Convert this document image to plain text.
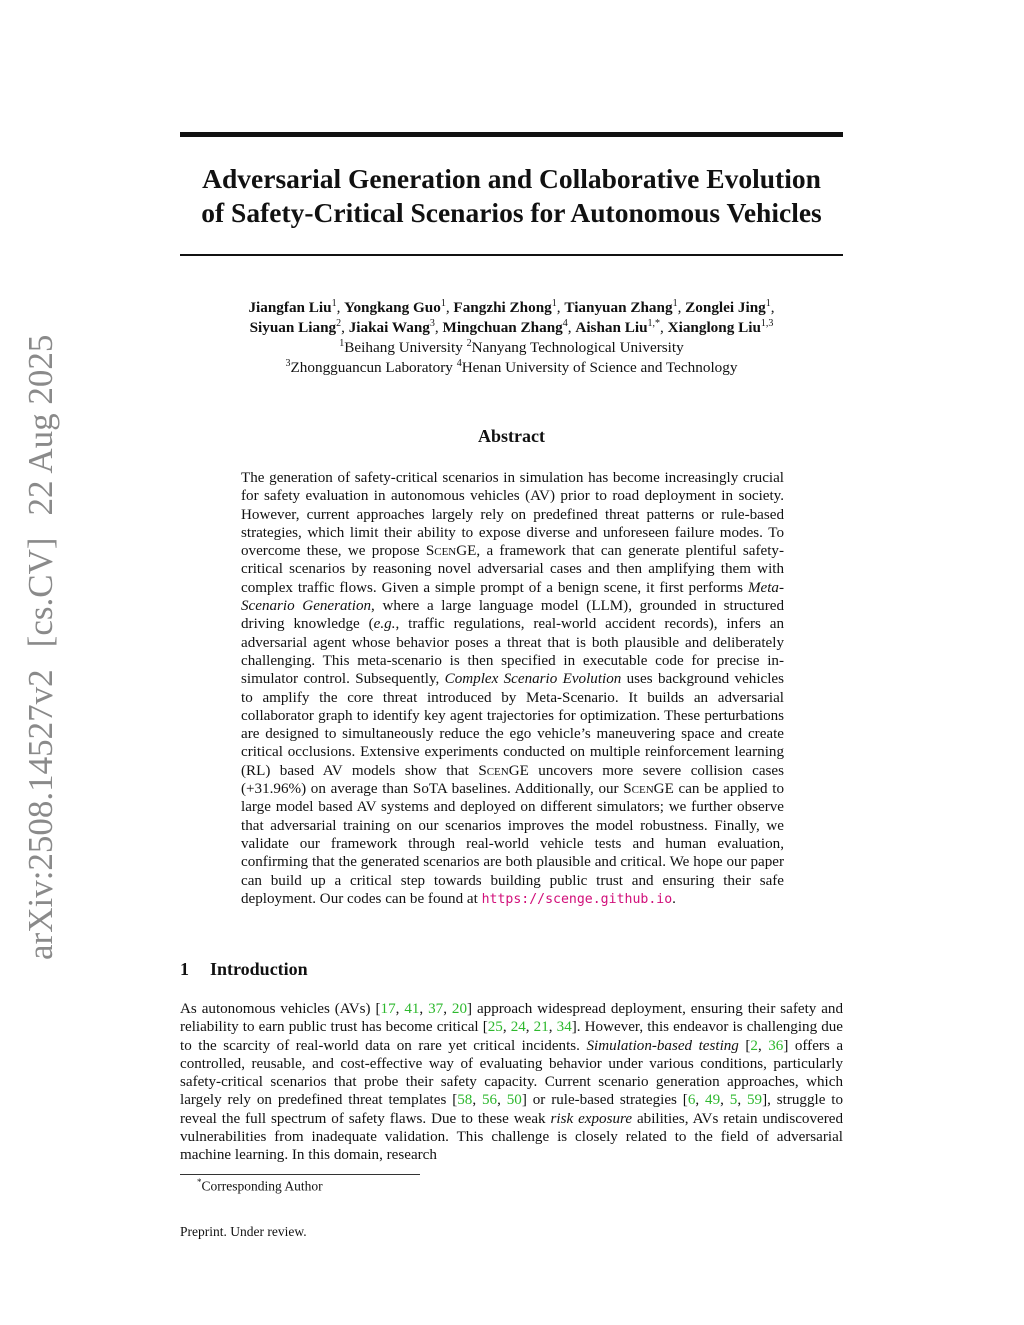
arXiv:2508.14527v2[cs.CV]22 Aug 2025
Adversarial Generation and Collaborative Evolution
of Safety-Critical Scenarios for Autonomous Vehicles
Jiangfan Liu$^1$, Yongkang Guo$^1$, Fangzhi Zhong$^1$, Tianyuan Zhang$^1$, Zonglei Jing$^1$,
Siyuan Liang$^2$, Jiakai Wang$^3$, Mingchuan Zhang$^4$, Aishan Liu$^{1,*}$, Xianglong Liu$^{1,3}$
$^1$Beihang University $^2$Nanyang Technological University
$^3$Zhongguancun Laboratory $^4$Henan University of Science and Technology
Abstract
The generation of safety-critical scenarios in simulation has become increasingly crucial for safety evaluation in autonomous vehicles (AV) prior to road deployment in society. However, current approaches largely rely on predefined threat patterns or rule-based strategies, which limit their ability to expose diverse and unforeseen failure modes. To overcome these, we propose ScenGE, a framework that can generate plentiful safety-critical scenarios by reasoning novel adversarial cases and then amplifying them with complex traffic flows. Given a simple prompt of a benign scene, it first performs Meta-Scenario Generation, where a large language model (LLM), grounded in structured driving knowledge (e.g., traffic regulations, real-world accident records), infers an adversarial agent whose behavior poses a threat that is both plausible and deliberately challenging. This meta-scenario is then specified in executable code for precise in-simulator control. Subsequently, Complex Scenario Evolution uses background vehicles to amplify the core threat introduced by Meta-Scenario. It builds an adversarial collaborator graph to identify key agent trajectories for optimization. These perturbations are designed to simultaneously reduce the ego vehicle’s maneuvering space and create critical occlusions. Extensive experiments conducted on multiple reinforcement learning (RL) based AV models show that ScenGE uncovers more severe collision cases (+31.96%) on average than SoTA baselines. Additionally, our ScenGE can be applied to large model based AV systems and deployed on different simulators; we further observe that adversarial training on our scenarios improves the model robustness. Finally, we validate our framework through real-world vehicle tests and human evaluation, confirming that the generated scenarios are both plausible and critical. We hope our paper can build up a critical step towards building public trust and ensuring their safe deployment. Our codes can be found at https://scenge.github.io.
1 Introduction
As autonomous vehicles (AVs) [17, 41, 37, 20] approach widespread deployment, ensuring their safety and reliability to earn public trust has become critical [25, 24, 21, 34]. However, this endeavor is challenging due to the scarcity of real-world data on rare yet critical incidents. Simulation-based testing [2, 36] offers a controlled, reusable, and cost-effective way of evaluating behavior under various conditions, particularly safety-critical scenarios that probe their safety capacity. Current scenario generation approaches, which largely rely on predefined threat templates [58, 56, 50] or rule-based strategies [6, 49, 5, 59], struggle to reveal the full spectrum of safety flaws. Due to these weak risk exposure abilities, AVs retain undiscovered vulnerabilities from inadequate validation. This challenge is closely related to the field of adversarial machine learning. In this domain, research
*Corresponding Author
Preprint. Under review.
